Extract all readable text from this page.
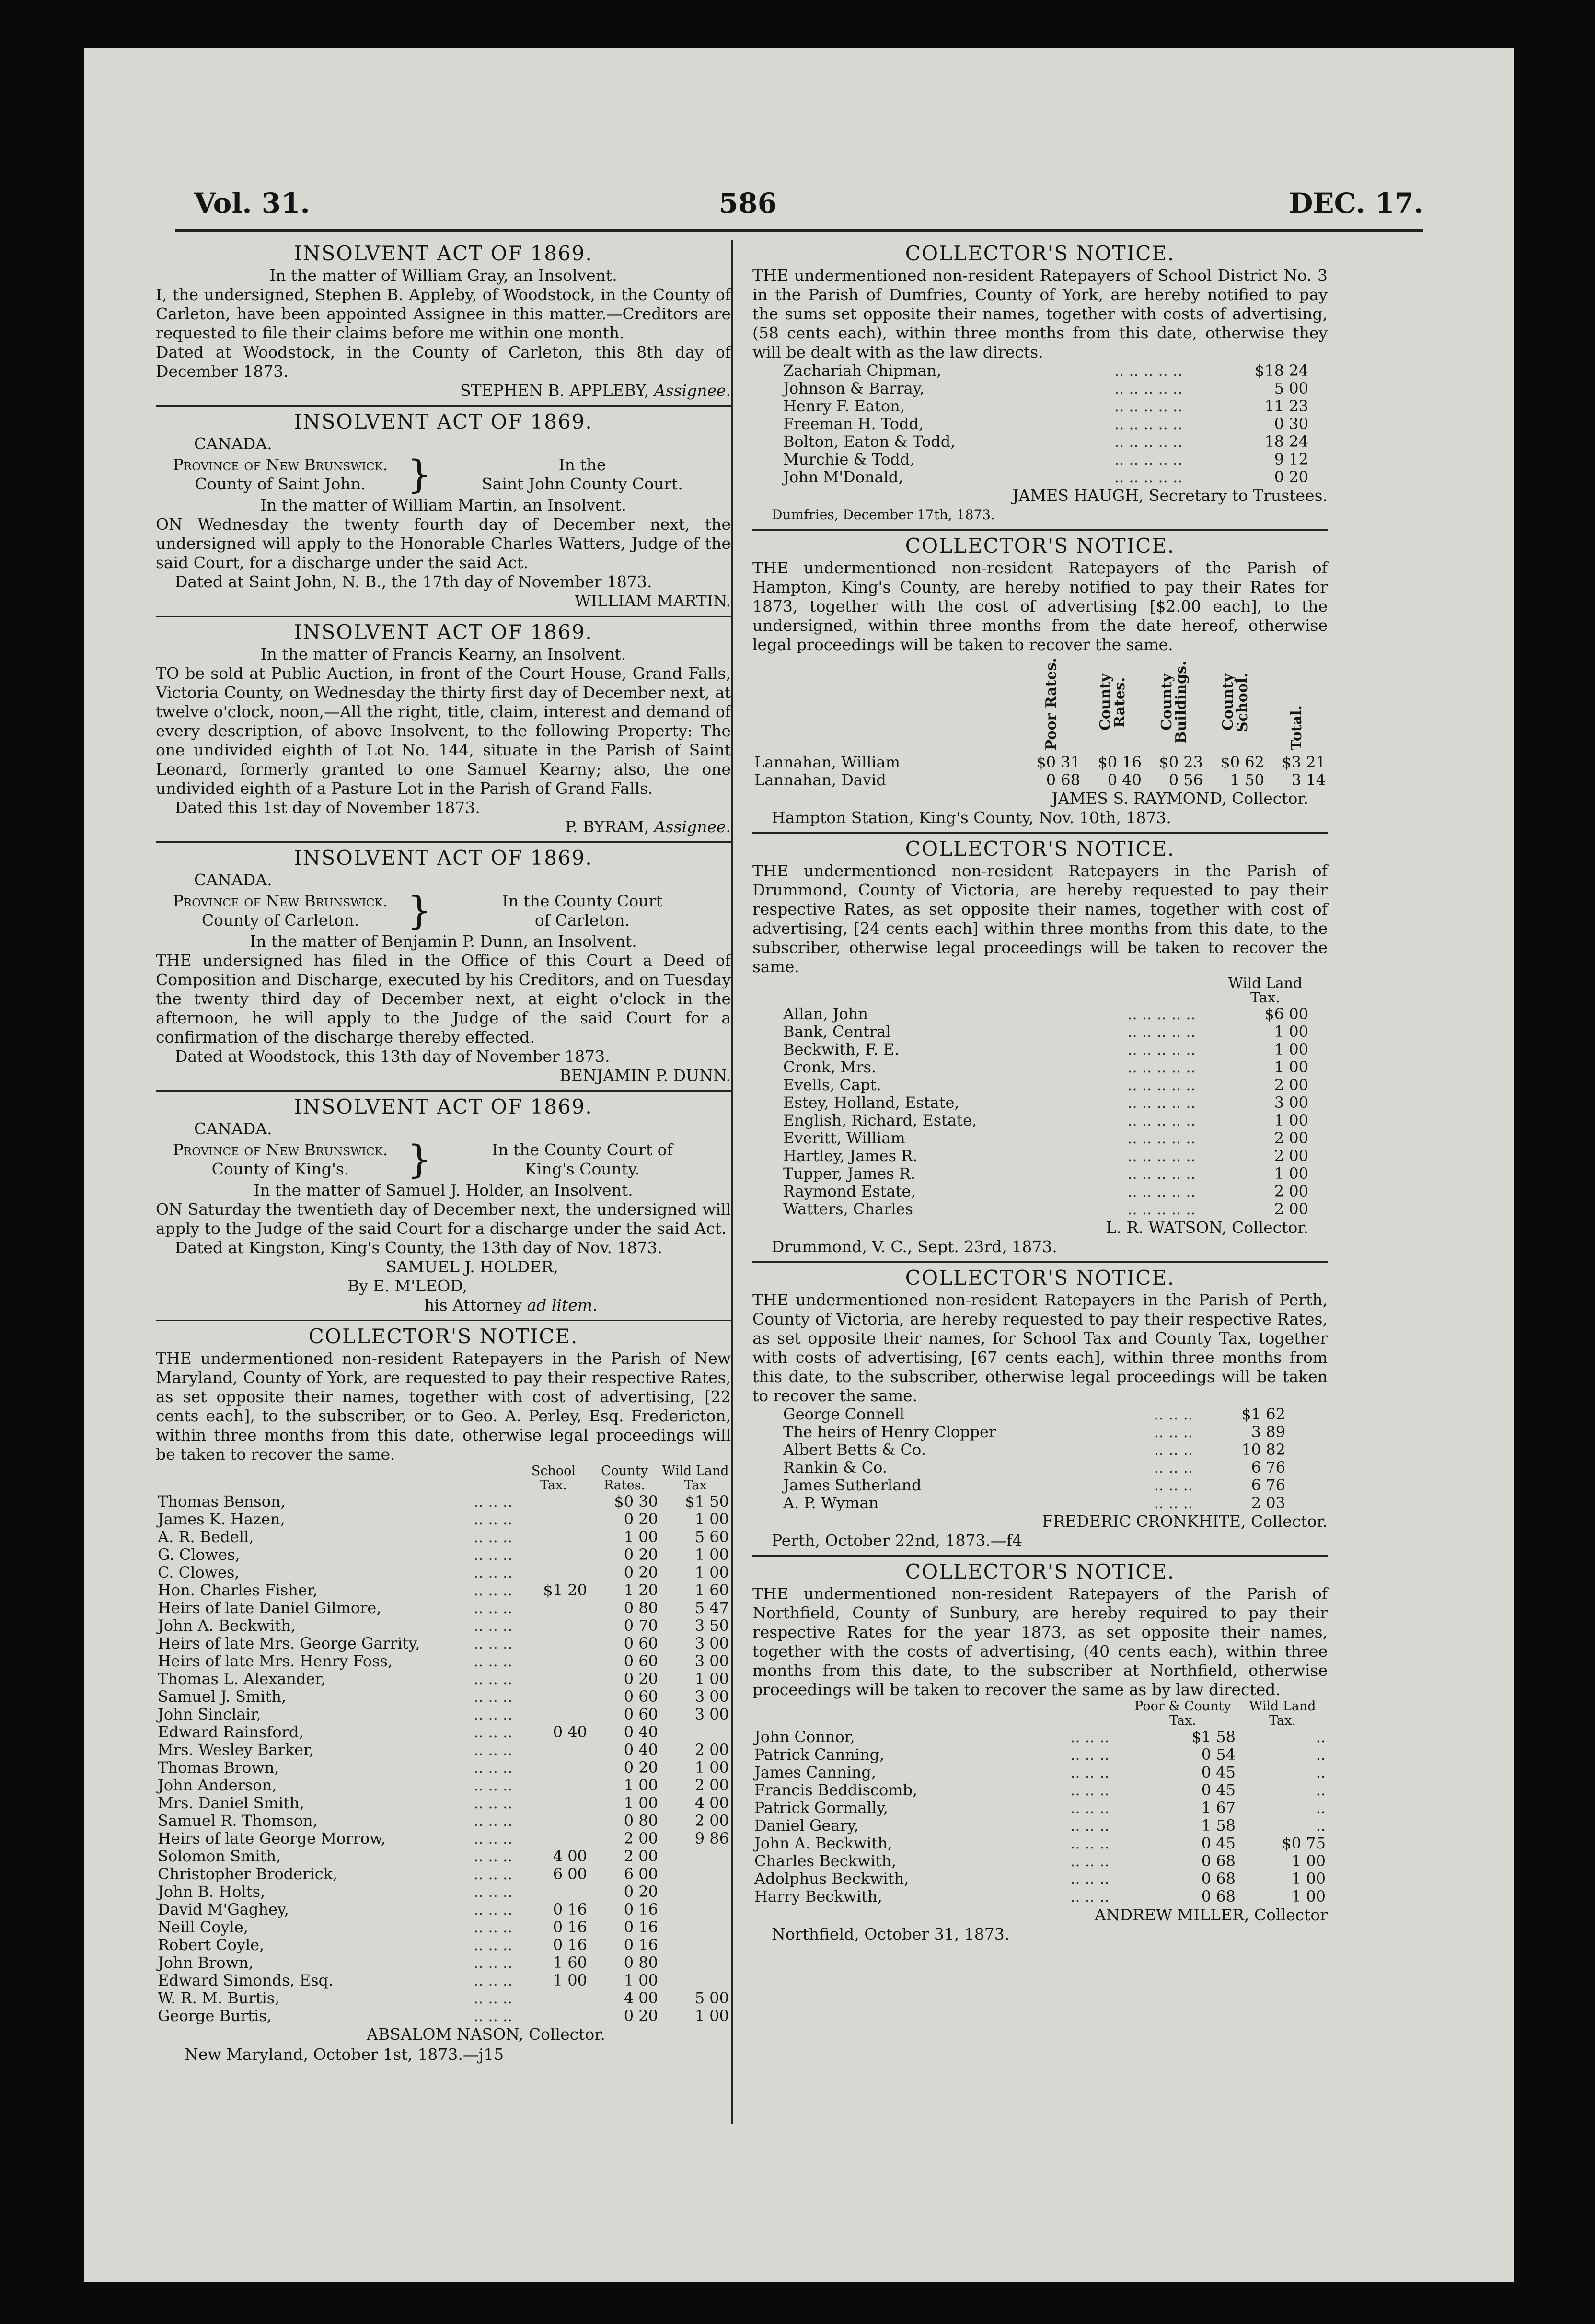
Vol. 31.	586	DEC. 17.
INSOLVENT ACT OF 1869.
In the matter of William Gray, an Insolvent.

I, the undersigned, Stephen B. Appleby, of Woodstock, in the County of Carleton, have been appointed Assignee in this matter.—Creditors are requested to file their claims before me within one month.

Dated at Woodstock, in the County of Carleton, this 8th day of December 1873.

STEPHEN B. APPLEBY, Assignee.
INSOLVENT ACT OF 1869.
CANADA.
Province of New Brunswick.
County of Saint John.	}	In the
Saint John County Court.
In the matter of William Martin, an Insolvent.

ON Wednesday the twenty fourth day of December next, the undersigned will apply to the Honorable Charles Watters, Judge of the said Court, for a discharge under the said Act.

Dated at Saint John, N. B., the 17th day of November 1873.

WILLIAM MARTIN.
INSOLVENT ACT OF 1869.
In the matter of Francis Kearny, an Insolvent.

TO be sold at Public Auction, in front of the Court House, Grand Falls, Victoria County, on Wednesday the thirty first day of December next, at twelve o'clock, noon,—All the right, title, claim, interest and demand of every description, of above Insolvent, to the following Property: The one undivided eighth of Lot No. 144, situate in the Parish of Saint Leonard, formerly granted to one Samuel Kearny; also, the one undivided eighth of a Pasture Lot in the Parish of Grand Falls.

Dated this 1st day of November 1873.

P. BYRAM, Assignee.
INSOLVENT ACT OF 1869.
CANADA.
Province of New Brunswick.
County of Carleton.	}	In the County Court
of Carleton.
In the matter of Benjamin P. Dunn, an Insolvent.

THE undersigned has filed in the Office of this Court a Deed of Composition and Discharge, executed by his Creditors, and on Tuesday the twenty third day of December next, at eight o'clock in the afternoon, he will apply to the Judge of the said Court for a confirmation of the discharge thereby effected.

Dated at Woodstock, this 13th day of November 1873.

BENJAMIN P. DUNN.
INSOLVENT ACT OF 1869.
CANADA.
Province of New Brunswick.
County of King's.	}	In the County Court of
King's County.
In the matter of Samuel J. Holder, an Insolvent.

ON Saturday the twentieth day of December next, the undersigned will apply to the Judge of the said Court for a discharge under the said Act.

Dated at Kingston, King's County, the 13th day of Nov. 1873.

SAMUEL J. HOLDER,
By E. M'LEOD,
his Attorney ad litem.
COLLECTOR'S NOTICE.

THE undermentioned non-resident Ratepayers in the Parish of New Maryland, County of York, are requested to pay their respective Rates, as set opposite their names, together with cost of advertising, [22 cents each], to the subscriber, or to Geo. A. Perley, Esq. Fredericton, within three months from this date, otherwise legal proceedings will be taken to recover the same.

		School Tax.	County Rates.	Wild Land Tax
Thomas Benson,	.. .. ..		$0 30	$1 50
James K. Hazen,	.. .. ..		0 20	1 00
A. R. Bedell,	.. .. ..		1 00	5 60
G. Clowes,	.. .. ..		0 20	1 00
C. Clowes,	.. .. ..		0 20	1 00
Hon. Charles Fisher,	.. .. ..	$1 20	1 20	1 60
Heirs of late Daniel Gilmore,	.. .. ..		0 80	5 47
John A. Beckwith,	.. .. ..		0 70	3 50
Heirs of late Mrs. George Garrity,	.. .. ..		0 60	3 00
Heirs of late Mrs. Henry Foss,	.. .. ..		0 60	3 00
Thomas L. Alexander,	.. .. ..		0 20	1 00
Samuel J. Smith,	.. .. ..		0 60	3 00
John Sinclair,	.. .. ..		0 60	3 00
Edward Rainsford,	.. .. ..	0 40	0 40	
Mrs. Wesley Barker,	.. .. ..		0 40	2 00
Thomas Brown,	.. .. ..		0 20	1 00
John Anderson,	.. .. ..		1 00	2 00
Mrs. Daniel Smith,	.. .. ..		1 00	4 00
Samuel R. Thomson,	.. .. ..		0 80	2 00
Heirs of late George Morrow,	.. .. ..		2 00	9 86
Solomon Smith,	.. .. ..	4 00	2 00	
Christopher Broderick,	.. .. ..	6 00	6 00	
John B. Holts,	.. .. ..		0 20	
David M'Gaghey,	.. .. ..	0 16	0 16	
Neill Coyle,	.. .. ..	0 16	0 16	
Robert Coyle,	.. .. ..	0 16	0 16	
John Brown,	.. .. ..	1 60	0 80	
Edward Simonds, Esq.	.. .. ..	1 00	1 00	
W. R. M. Burtis,	.. .. ..		4 00	5 00
George Burtis,	.. .. ..		0 20	1 00
ABSALOM NASON, Collector.
New Maryland, October 1st, 1873.—j15
COLLECTOR'S NOTICE.

THE undermentioned non-resident Ratepayers of School District No. 3 in the Parish of Dumfries, County of York, are hereby notified to pay the sums set opposite their names, together with costs of advertising, (58 cents each), within three months from this date, otherwise they will be dealt with as the law directs.

Zachariah Chipman,	.. .. .. .. ..	$18 24
Johnson & Barray,	.. .. .. .. ..	5 00
Henry F. Eaton,	.. .. .. .. ..	11 23
Freeman H. Todd,	.. .. .. .. ..	0 30
Bolton, Eaton & Todd,	.. .. .. .. ..	18 24
Murchie & Todd,	.. .. .. .. ..	9 12
John M'Donald,	.. .. .. .. ..	0 20
JAMES HAUGH, Secretary to Trustees.
Dumfries, December 17th, 1873.
COLLECTOR'S NOTICE.

THE undermentioned non-resident Ratepayers of the Parish of Hampton, King's County, are hereby notified to pay their Rates for 1873, together with the cost of advertising [$2.00 each], to the undersigned, within three months from the date hereof, otherwise legal proceedings will be taken to recover the same.

	Poor Rates.	County Rates.	County Buildings.	County School.	Total.
Lannahan, William	$0 31	$0 16	$0 23	$0 62	$3 21
Lannahan, David	0 68	0 40	0 56	1 50	3 14
JAMES S. RAYMOND, Collector.
Hampton Station, King's County, Nov. 10th, 1873.
COLLECTOR'S NOTICE.

THE undermentioned non-resident Ratepayers in the Parish of Drummond, County of Victoria, are hereby requested to pay their respective Rates, as set opposite their names, together with cost of advertising, [24 cents each] within three months from this date, to the subscriber, otherwise legal proceedings will be taken to recover the same.

		Wild Land Tax.
Allan, John	.. .. .. .. ..	$6 00
Bank, Central	.. .. .. .. ..	1 00
Beckwith, F. E.	.. .. .. .. ..	1 00
Cronk, Mrs.	.. .. .. .. ..	1 00
Evells, Capt.	.. .. .. .. ..	2 00
Estey, Holland, Estate,	.. .. .. .. ..	3 00
English, Richard, Estate,	.. .. .. .. ..	1 00
Everitt, William	.. .. .. .. ..	2 00
Hartley, James R.	.. .. .. .. ..	2 00
Tupper, James R.	.. .. .. .. ..	1 00
Raymond Estate,	.. .. .. .. ..	2 00
Watters, Charles	.. .. .. .. ..	2 00
L. R. WATSON, Collector.
Drummond, V. C., Sept. 23rd, 1873.
COLLECTOR'S NOTICE.

THE undermentioned non-resident Ratepayers in the Parish of Perth, County of Victoria, are hereby requested to pay their respective Rates, as set opposite their names, for School Tax and County Tax, together with costs of advertising, [67 cents each], within three months from this date, to the subscriber, otherwise legal proceedings will be taken to recover the same.

George Connell	.. .. ..	$1 62
The heirs of Henry Clopper	.. .. ..	3 89
Albert Betts & Co.	.. .. ..	10 82
Rankin & Co.	.. .. ..	6 76
James Sutherland	.. .. ..	6 76
A. P. Wyman	.. .. ..	2 03
FREDERIC CRONKHITE, Collector.
Perth, October 22nd, 1873.—f4
COLLECTOR'S NOTICE.

THE undermentioned non-resident Ratepayers of the Parish of Northfield, County of Sunbury, are hereby required to pay their respective Rates for the year 1873, as set opposite their names, together with the costs of advertising, (40 cents each), within three months from this date, to the subscriber at Northfield, otherwise proceedings will be taken to recover the same as by law directed.

		Poor & County Tax.	Wild Land Tax.
John Connor,	.. .. ..	$1 58	..
Patrick Canning,	.. .. ..	0 54	..
James Canning,	.. .. ..	0 45	..
Francis Beddiscomb,	.. .. ..	0 45	..
Patrick Gormally,	.. .. ..	1 67	..
Daniel Geary,	.. .. ..	1 58	..
John A. Beckwith,	.. .. ..	0 45	$0 75
Charles Beckwith,	.. .. ..	0 68	1 00
Adolphus Beckwith,	.. .. ..	0 68	1 00
Harry Beckwith,	.. .. ..	0 68	1 00
ANDREW MILLER, Collector
Northfield, October 31, 1873.
